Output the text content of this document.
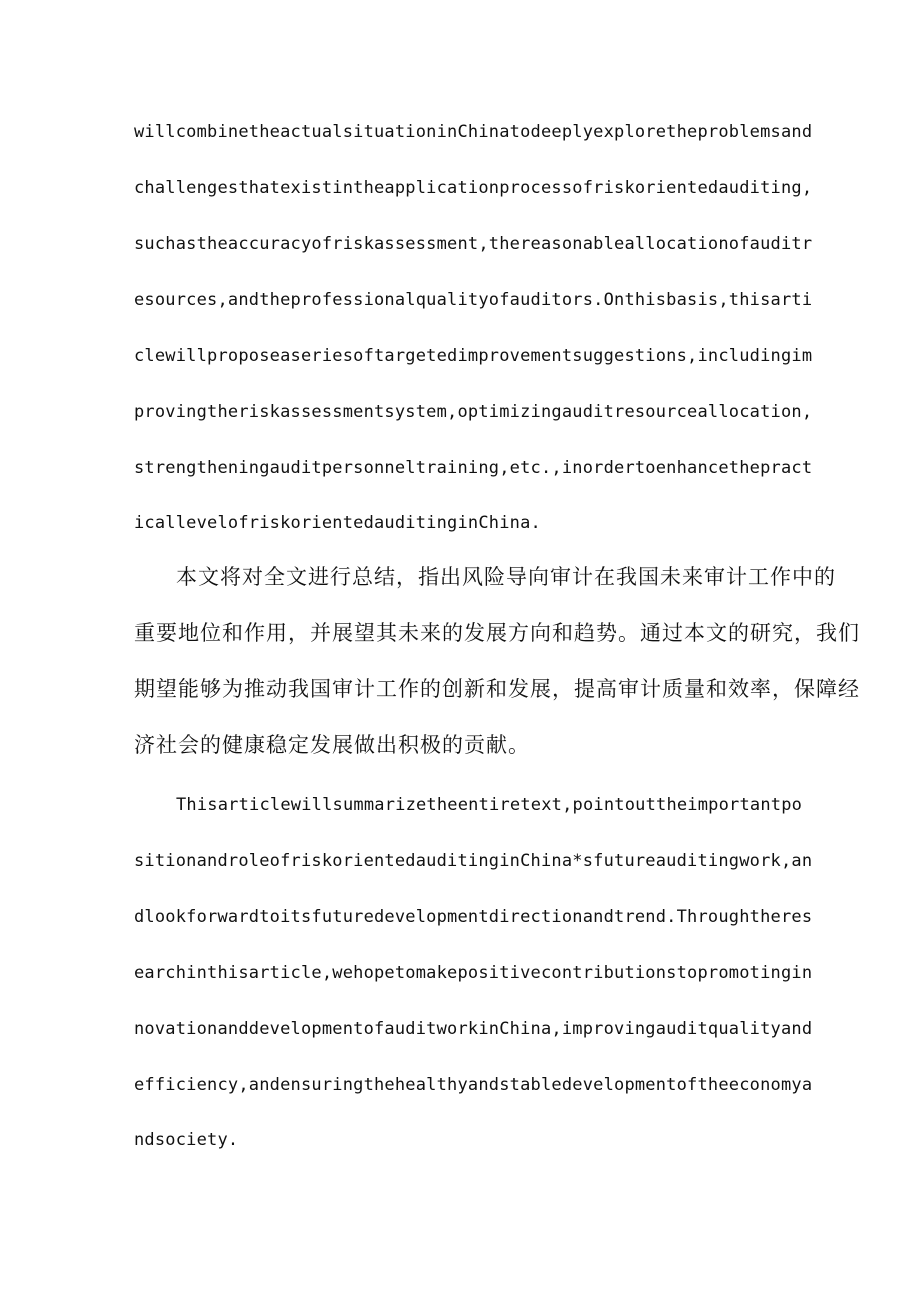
willcombinetheactualsituationinChinatodeeplyexploretheproblemsand

challengesthatexistintheapplicationprocessofriskorientedauditing,

suchastheaccuracyofriskassessment,thereasonableallocationofauditr

esources,andtheprofessionalqualityofauditors.Onthisbasis,thisarti

clewillproposeaseriesoftargetedimprovementsuggestions,includingim

provingtheriskassessmentsystem,optimizingauditresourceallocation,

strengtheningauditpersonneltraining,etc.,inordertoenhancethepract

icallevelofriskorientedauditinginChina.

本文将对全文进行总结，指出风险导向审计在我国未来审计工作中的

重要地位和作用，并展望其未来的发展方向和趋势。通过本文的研究，我们

期望能够为推动我国审计工作的创新和发展，提高审计质量和效率，保障经

济社会的健康稳定发展做出积极的贡献。

Thisarticlewillsummarizetheentiretext,pointouttheimportantpo

sitionandroleofriskorientedauditinginChina*sfutureauditingwork,an

dlookforwardtoitsfuturedevelopmentdirectionandtrend.Throughtheres

earchinthisarticle,wehopetomakepositivecontributionstopromotingin

novationanddevelopmentofauditworkinChina,improvingauditqualityand

efficiency,andensuringthehealthyandstabledevelopmentoftheeconomya

ndsociety.
